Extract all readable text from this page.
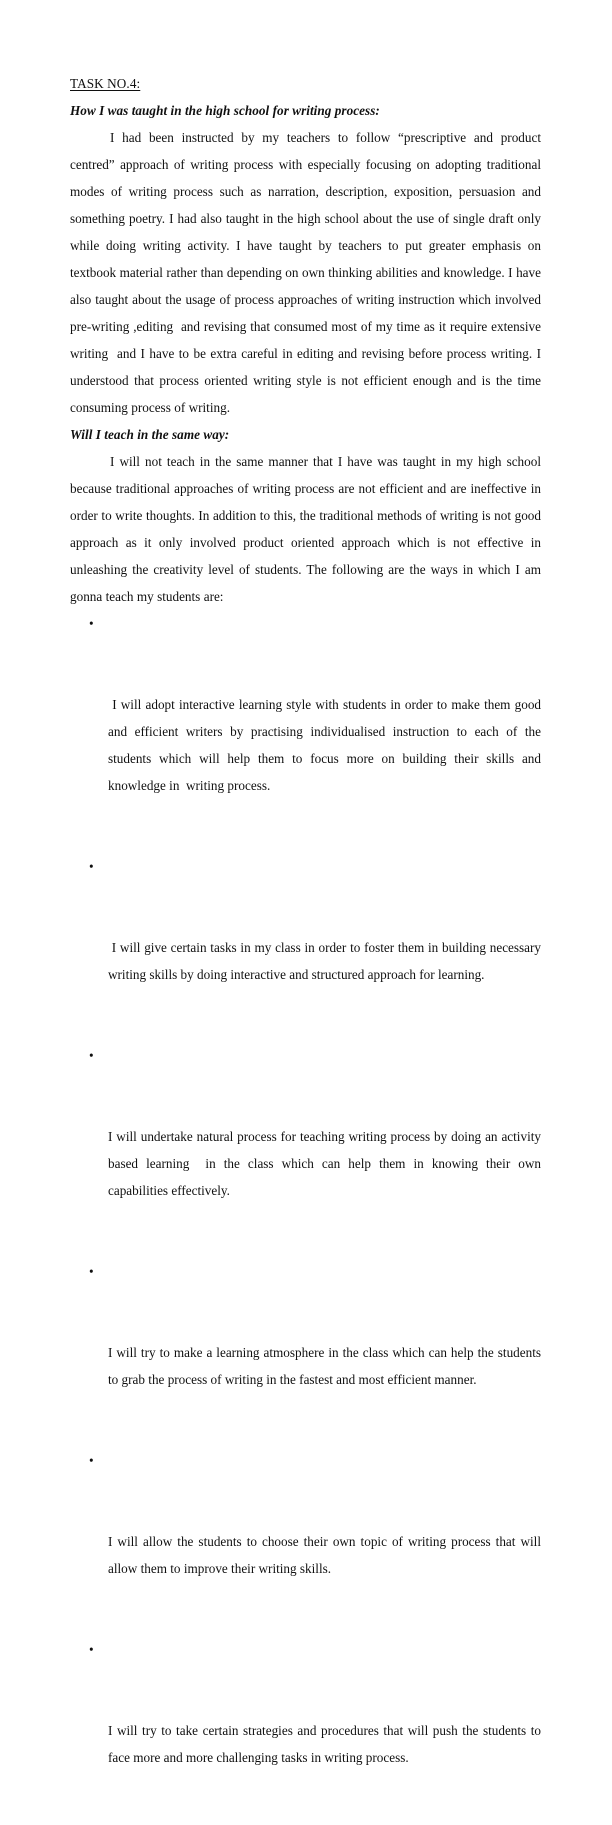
TASK NO.4:
How I was taught in the high school for writing process:

I had been instructed by my teachers to follow “prescriptive and product centred” approach of writing process with especially focusing on adopting traditional modes of writing process such as narration, description, exposition, persuasion and something poetry. I had also taught in the high school about the use of single draft only while doing writing activity. I have taught by teachers to put greater emphasis on textbook material rather than depending on own thinking abilities and knowledge. I have also taught about the usage of process approaches of writing instruction which involved pre-writing ,editing  and revising that consumed most of my time as it require extensive writing  and I have to be extra careful in editing and revising before process writing. I understood that process oriented writing style is not efficient enough and is the time consuming process of writing.

Will I teach in the same way:

I will not teach in the same manner that I have was taught in my high school because traditional approaches of writing process are not efficient and are ineffective in order to write thoughts. In addition to this, the traditional methods of writing is not good approach as it only involved product oriented approach which is not effective in unleashing the creativity level of students. The following are the ways in which I am gonna teach my students are:

•

I will adopt interactive learning style with students in order to make them good and efficient writers by practising individualised instruction to each of the students which will help them to focus more on building their skills and knowledge in  writing process.

•

I will give certain tasks in my class in order to foster them in building necessary writing skills by doing interactive and structured approach for learning.

•

I will undertake natural process for teaching writing process by doing an activity based learning  in the class which can help them in knowing their own capabilities effectively.

•

I will try to make a learning atmosphere in the class which can help the students to grab the process of writing in the fastest and most efficient manner.

•

I will allow the students to choose their own topic of writing process that will allow them to improve their writing skills.

•

I will try to take certain strategies and procedures that will push the students to face more and more challenging tasks in writing process.
